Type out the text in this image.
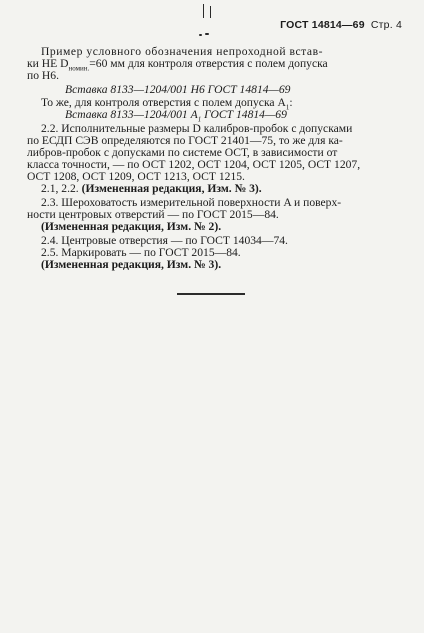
ГОСТ 14814—69 Стр. 4
Пример условного обозначения непроходной встав-
ки НЕ $D_{номин.}=60$ мм для контроля отверстия с полем допуска
по H6.
Вставка 8133—1204/001 H6 ГОСТ 14814—69
То же, для контроля отверстия с полем допуска $A_1$:
Вставка 8133—1204/001 $A_1$ ГОСТ 14814—69
2.2. Исполнительные размеры D калибров-пробок с допусками
по ЕСДП СЭВ определяются по ГОСТ 21401—75, то же для ка-
либров-пробок с допусками по системе ОСТ, в зависимости от
класса точности, — по ОСТ 1202, ОСТ 1204, ОСТ 1205, ОСТ 1207,
ОСТ 1208, ОСТ 1209, ОСТ 1213, ОСТ 1215.
2.1, 2.2. (Измененная редакция, Изм. № 3).
2.3. Шероховатость измерительной поверхности A и поверх-
ности центровых отверстий — по ГОСТ 2015—84.
(Измененная редакция, Изм. № 2).
2.4. Центровые отверстия — по ГОСТ 14034—74.
2.5. Маркировать — по ГОСТ 2015—84.
(Измененная редакция, Изм. № 3).
